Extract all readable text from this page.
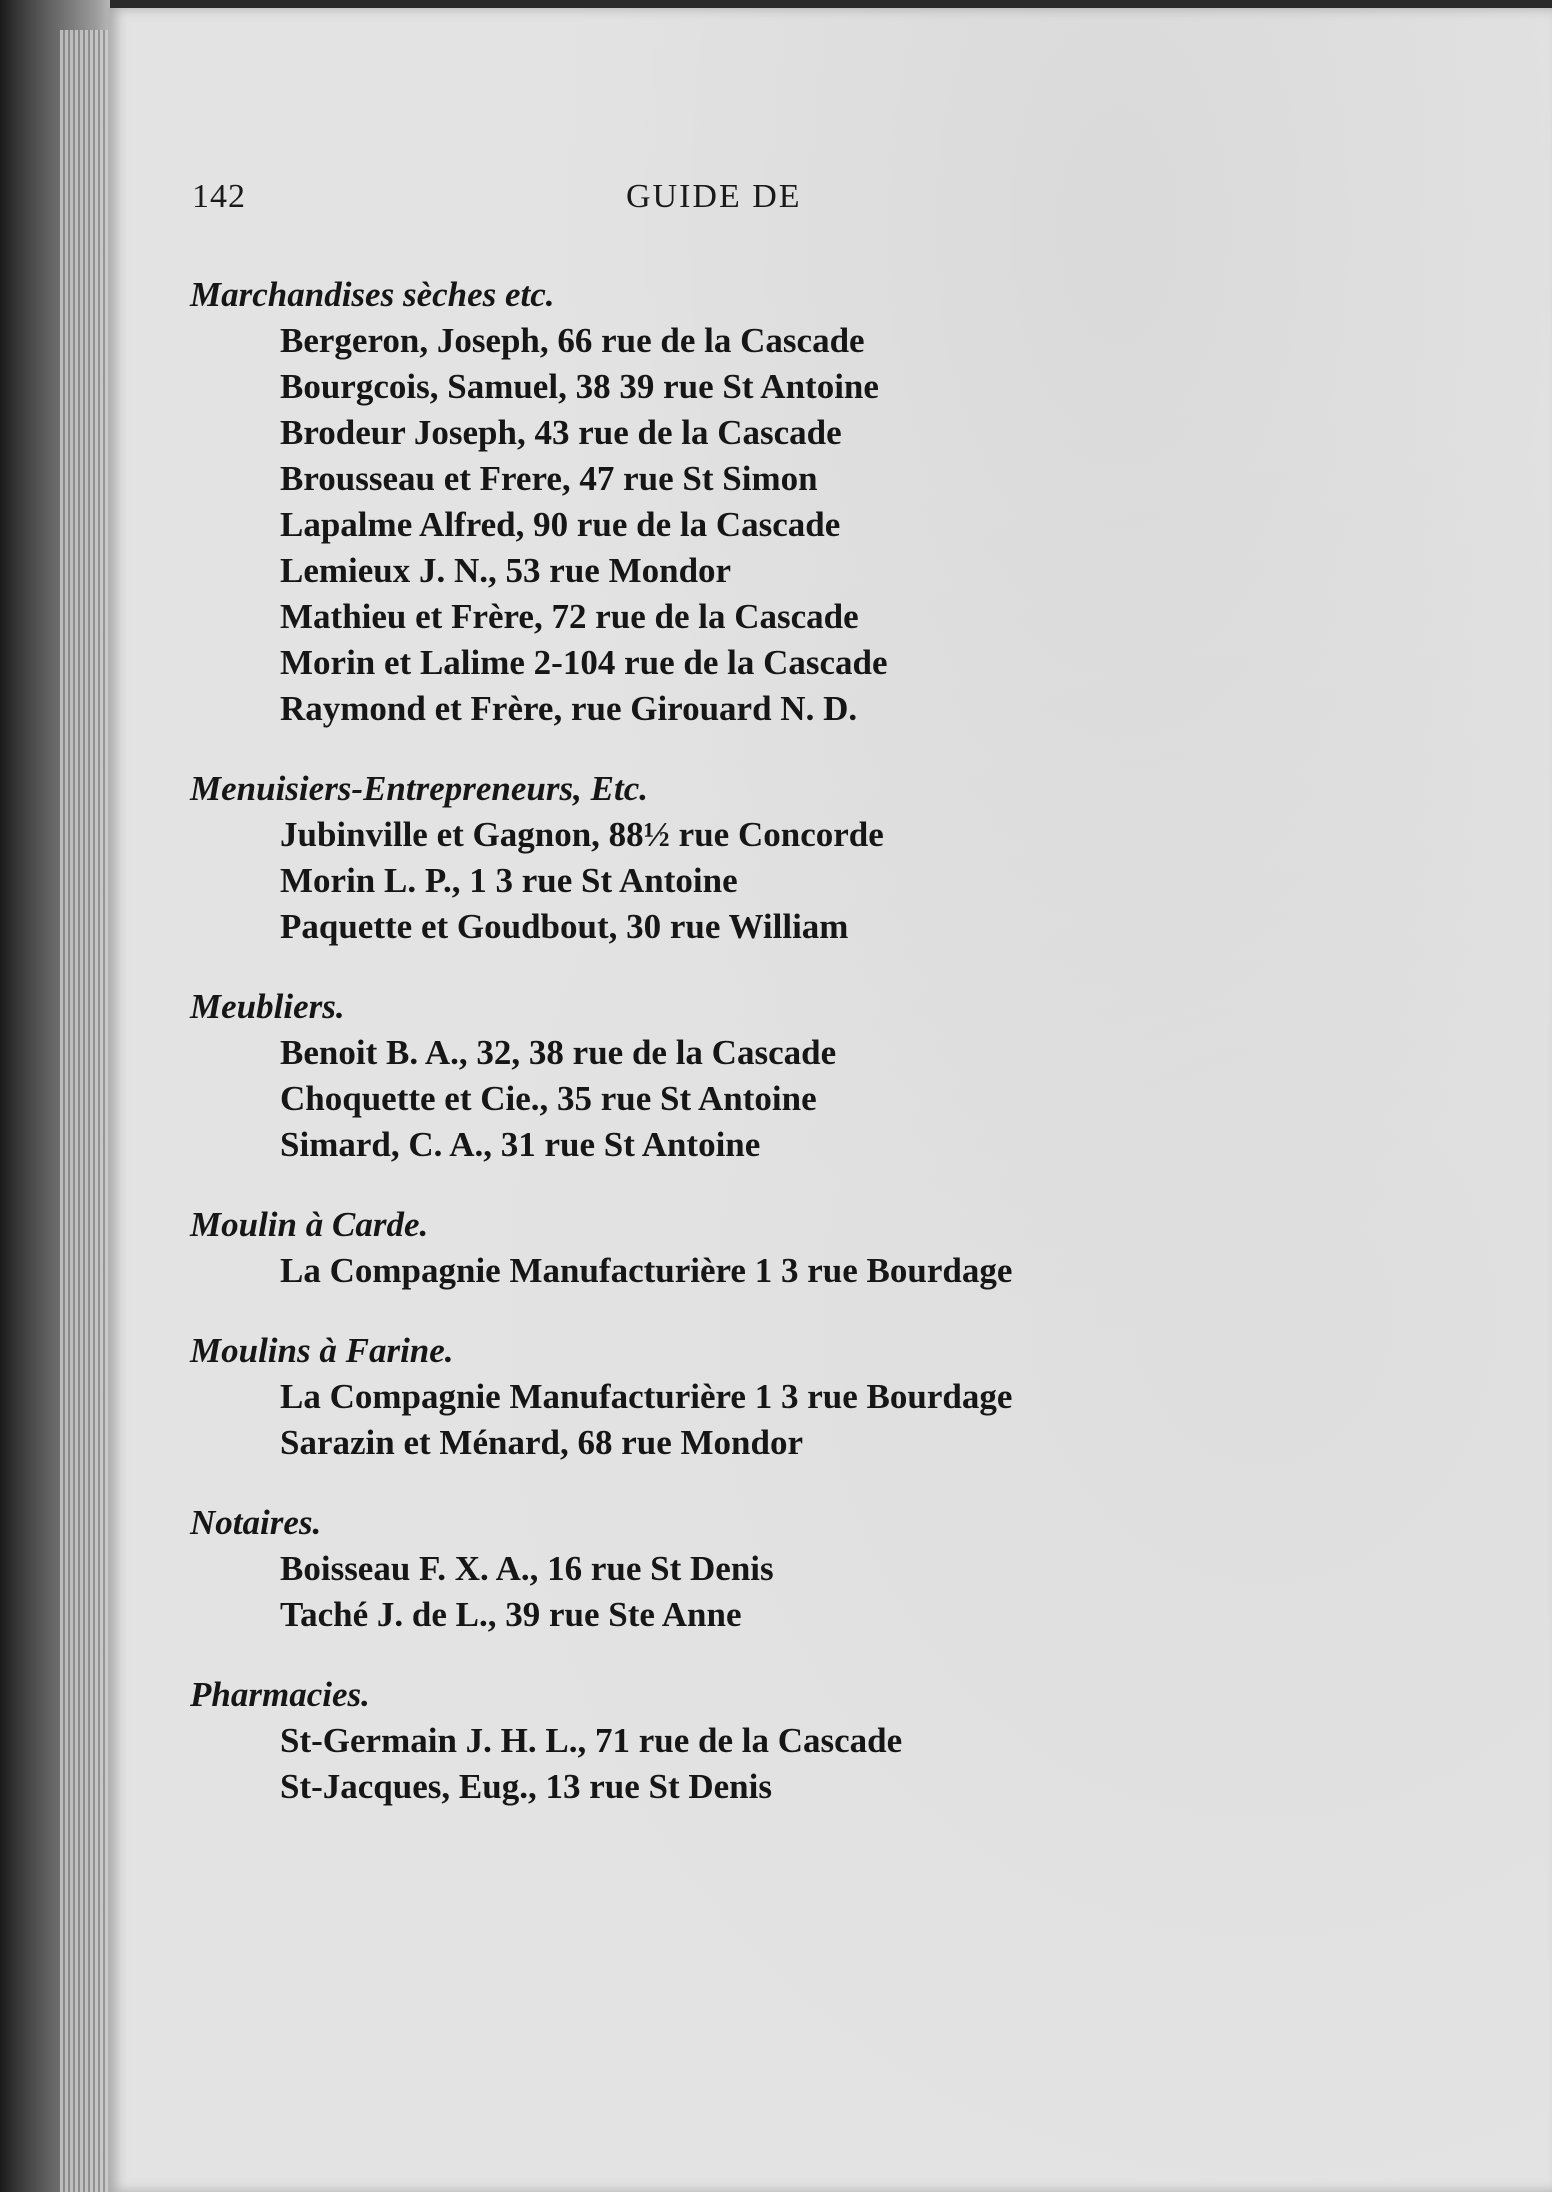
142	GUIDE DE
Marchandises sèches etc.
Bergeron, Joseph, 66 rue de la Cascade
Bourgcois, Samuel, 38 39 rue St Antoine
Brodeur Joseph, 43 rue de la Cascade
Brousseau et Frere, 47 rue St Simon
Lapalme Alfred, 90 rue de la Cascade
Lemieux J. N., 53 rue Mondor
Mathieu et Frère, 72 rue de la Cascade
Morin et Lalime 2-104 rue de la Cascade
Raymond et Frère, rue Girouard N. D.
Menuisiers-Entrepreneurs, Etc.
Jubinville et Gagnon, 88½ rue Concorde
Morin L. P., 1 3 rue St Antoine
Paquette et Goudbout, 30 rue William
Meubliers.
Benoit B. A., 32, 38 rue de la Cascade
Choquette et Cie., 35 rue St Antoine
Simard, C. A., 31 rue St Antoine
Moulin à Carde.
La Compagnie Manufacturière 1 3 rue Bourdage
Moulins à Farine.
La Compagnie Manufacturière 1 3 rue Bourdage
Sarazin et Ménard, 68 rue Mondor
Notaires.
Boisseau F. X. A., 16 rue St Denis
Taché J. de L., 39 rue Ste Anne
Pharmacies.
St-Germain J. H. L., 71 rue de la Cascade
St-Jacques, Eug., 13 rue St Denis
